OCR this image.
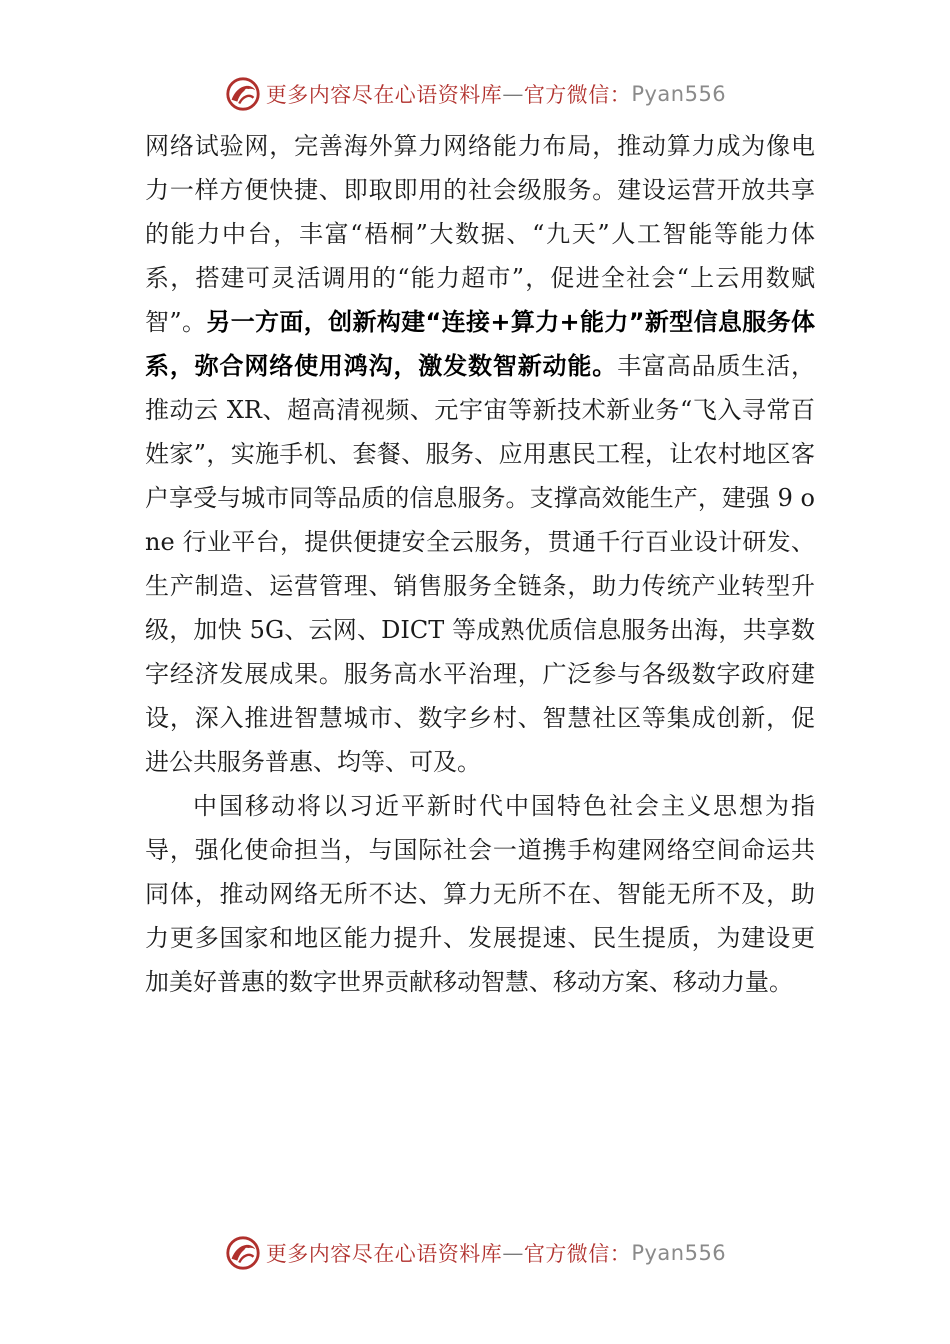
更多内容尽在心语资料库 — 官方微信： Pyan556

网络试验网，完善海外算力网络能力布局，推动算力成为像电力一样方便快捷、即取即用的社会级服务。建设运营开放共享的能力中台，丰富“梧桐”大数据、“九天”人工智能等能力体系，搭建可灵活调用的“能力超市”，促进全社会“上云用数赋智”。另一方面，创新构建“连接+算力+能力”新型信息服务体系，弥合网络使用鸿沟，激发数智新动能。丰富高品质生活，推动云 XR、超高清视频、元宇宙等新技术新业务“飞入寻常百姓家”，实施手机、套餐、服务、应用惠民工程，让农村地区客户享受与城市同等品质的信息服务。支撑高效能生产，建强 9 one 行业平台，提供便捷安全云服务，贯通千行百业设计研发、生产制造、运营管理、销售服务全链条，助力传统产业转型升级，加快 5G、云网、DICT 等成熟优质信息服务出海，共享数字经济发展成果。服务高水平治理，广泛参与各级数字政府建设，深入推进智慧城市、数字乡村、智慧社区等集成创新，促进公共服务普惠、均等、可及。

中国移动将以习近平新时代中国特色社会主义思想为指导，强化使命担当，与国际社会一道携手构建网络空间命运共同体，推动网络无所不达、算力无所不在、智能无所不及，助力更多国家和地区能力提升、发展提速、民生提质，为建设更加美好普惠的数字世界贡献移动智慧、移动方案、移动力量。

更多内容尽在心语资料库 — 官方微信： Pyan556
